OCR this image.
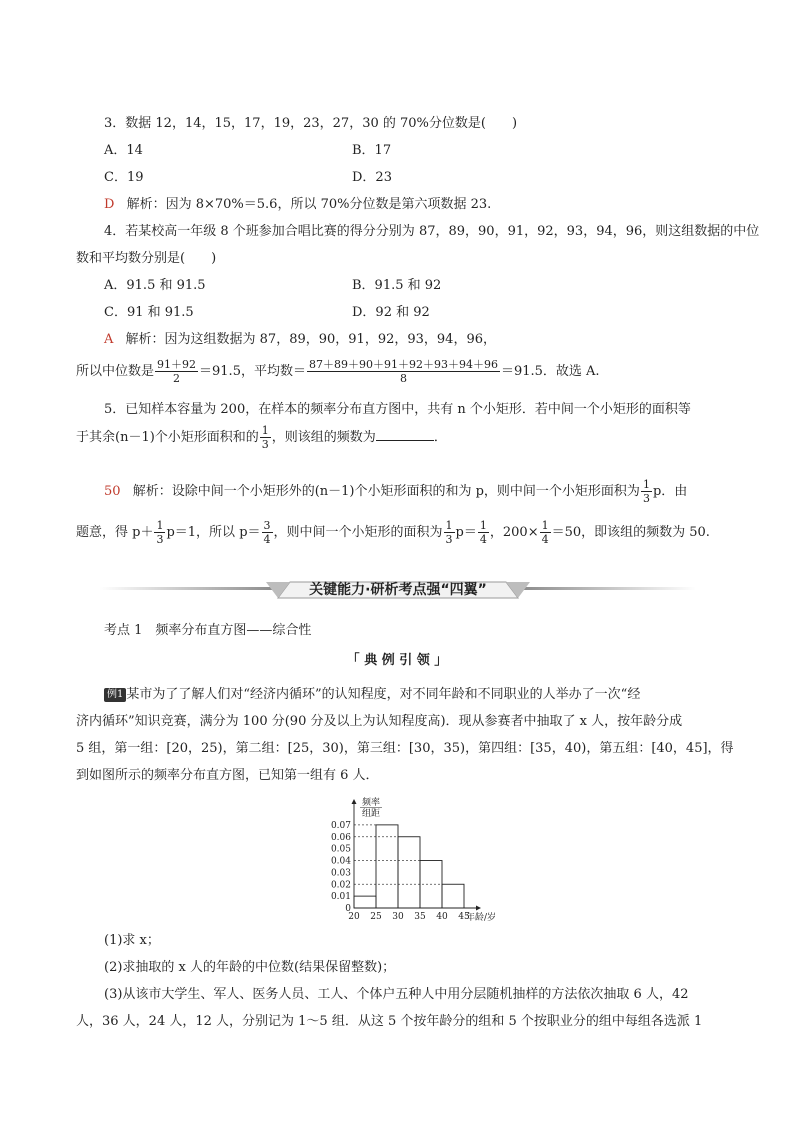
3．数据 12，14，15，17，19，23，27，30 的 70%分位数是(　　)
A．14	B．17
C．19	D．23
D 解析：因为 8×70%＝5.6，所以 70%分位数是第六项数据 23.
4．若某校高一年级 8 个班参加合唱比赛的得分分别为 87，89，90，91，92，93，94，96，则这组数据的中位
数和平均数分别是(　　)
A．91.5 和 91.5	B．91.5 和 92
C．91 和 91.5	D．92 和 92
A 解析：因为这组数据为 87，89，90，91，92，93，94，96，
所以中位数是 $\frac{91+92}{2} =91.5$，平均数＝ $\frac{87+89+90+91+92+93+94+96}{8} =91.5$．故选 A.
5．已知样本容量为 200，在样本的频率分布直方图中，共有 n 个小矩形．若中间一个小矩形的面积等
于其余(n－1)个小矩形面积和的 $\frac{1}{3}$ ，则该组的频数为	．
50 解析：设除中间一个小矩形外的(n－1)个小矩形面积的和为 p，则中间一个小矩形面积为 $\frac{1}{3}$ p．由
题意，得 $p+ \frac{1}{3} p=1$，所以 $p= \frac{3}{4}$ ，则中间一个小矩形的面积为 $\frac{1}{3} p= \frac{1}{4}$ ，$200\times \frac{1}{4} =50$，即该组的频数为 50.
关键能力·研析考点强“四翼”
考点 1　频率分布直方图——综合性
「 典 例 引 领 」
例1 某市为了了解人们对“经济内循环”的认知程度，对不同年龄和不同职业的人举办了一次“经
济内循环”知识竞赛，满分为 100 分(90 分及以上为认知程度高)．现从参赛者中抽取了 x 人，按年龄分成
5 组，第一组：[20，25)，第二组：[25，30)，第三组：[30，35)，第四组：[35，40)，第五组：[40，45]，得
到如图所示的频率分布直方图，已知第一组有 6 人．
0.01
0.02
0.03
0.04
0.05
0.06
0.07
0
20 25 30 35 40 45
年龄/岁
频率
组距
(1)求 x；
(2)求抽取的 x 人的年龄的中位数(结果保留整数)；
(3)从该市大学生、军人、医务人员、工人、个体户五种人中用分层随机抽样的方法依次抽取 6 人，42
人，36 人，24 人，12 人，分别记为 1～5 组．从这 5 个按年龄分的组和 5 个按职业分的组中每组各选派 1
